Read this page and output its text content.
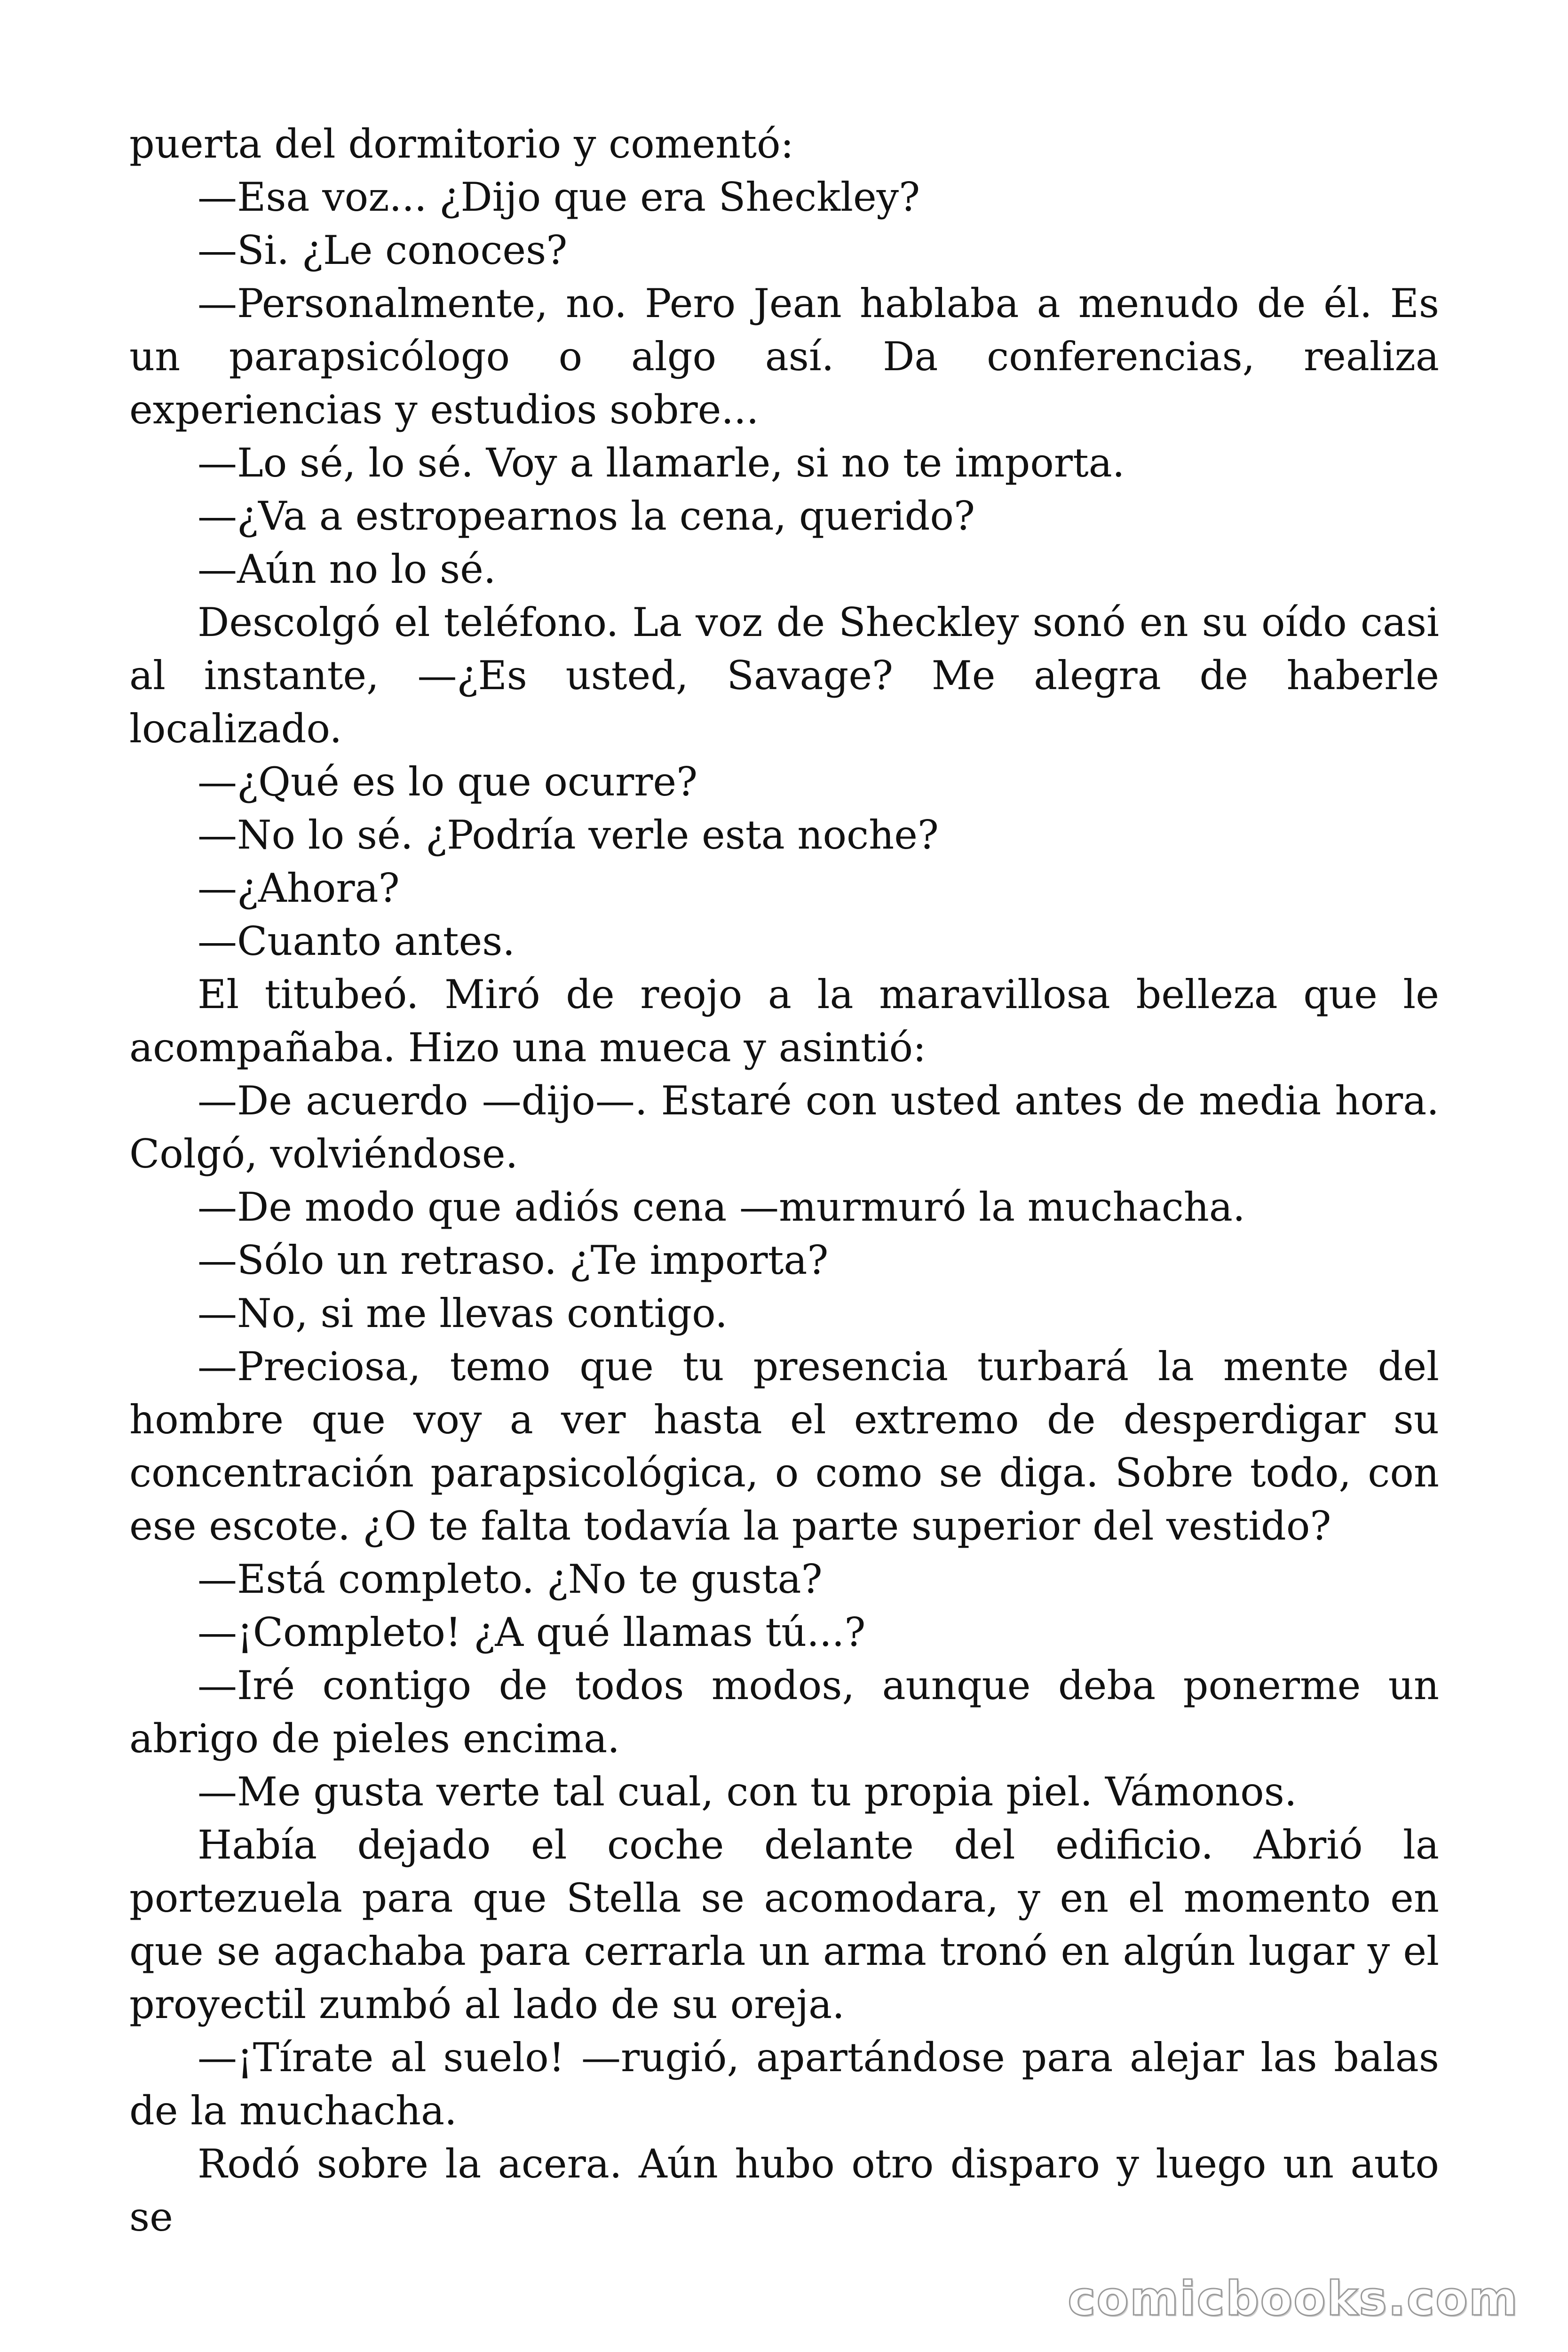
puerta del dormitorio y comentó:

—Esa voz... ¿Dijo que era Sheckley?

—Si. ¿Le conoces?

—Personalmente, no. Pero Jean hablaba a menudo de él. Es un parapsicólogo o algo así. Da conferencias, realiza experiencias y estudios sobre...

—Lo sé, lo sé. Voy a llamarle, si no te importa.

—¿Va a estropearnos la cena, querido?

—Aún no lo sé.

Descolgó el teléfono. La voz de Sheckley sonó en su oído casi al instante, —¿Es usted, Savage? Me alegra de haberle localizado.

—¿Qué es lo que ocurre?

—No lo sé. ¿Podría verle esta noche?

—¿Ahora?

—Cuanto antes.

El titubeó. Miró de reojo a la maravillosa belleza que le acompañaba. Hizo una mueca y asintió:

—De acuerdo —dijo—. Estaré con usted antes de media hora. Colgó, volviéndose.

—De modo que adiós cena —murmuró la muchacha.

—Sólo un retraso. ¿Te importa?

—No, si me llevas contigo.

—Preciosa, temo que tu presencia turbará la mente del hombre que voy a ver hasta el extremo de desperdigar su concentración parapsicológica, o como se diga. Sobre todo, con ese escote. ¿O te falta todavía la parte superior del vestido?

—Está completo. ¿No te gusta?

—¡Completo! ¿A qué llamas tú...?

—Iré contigo de todos modos, aunque deba ponerme un abrigo de pieles encima.

—Me gusta verte tal cual, con tu propia piel. Vámonos.

Había dejado el coche delante del edificio. Abrió la portezuela para que Stella se acomodara, y en el momento en que se agachaba para cerrarla un arma tronó en algún lugar y el proyectil zumbó al lado de su oreja.

—¡Tírate al suelo! —rugió, apartándose para alejar las balas de la muchacha.

Rodó sobre la acera. Aún hubo otro disparo y luego un auto se

comicbooks.com
